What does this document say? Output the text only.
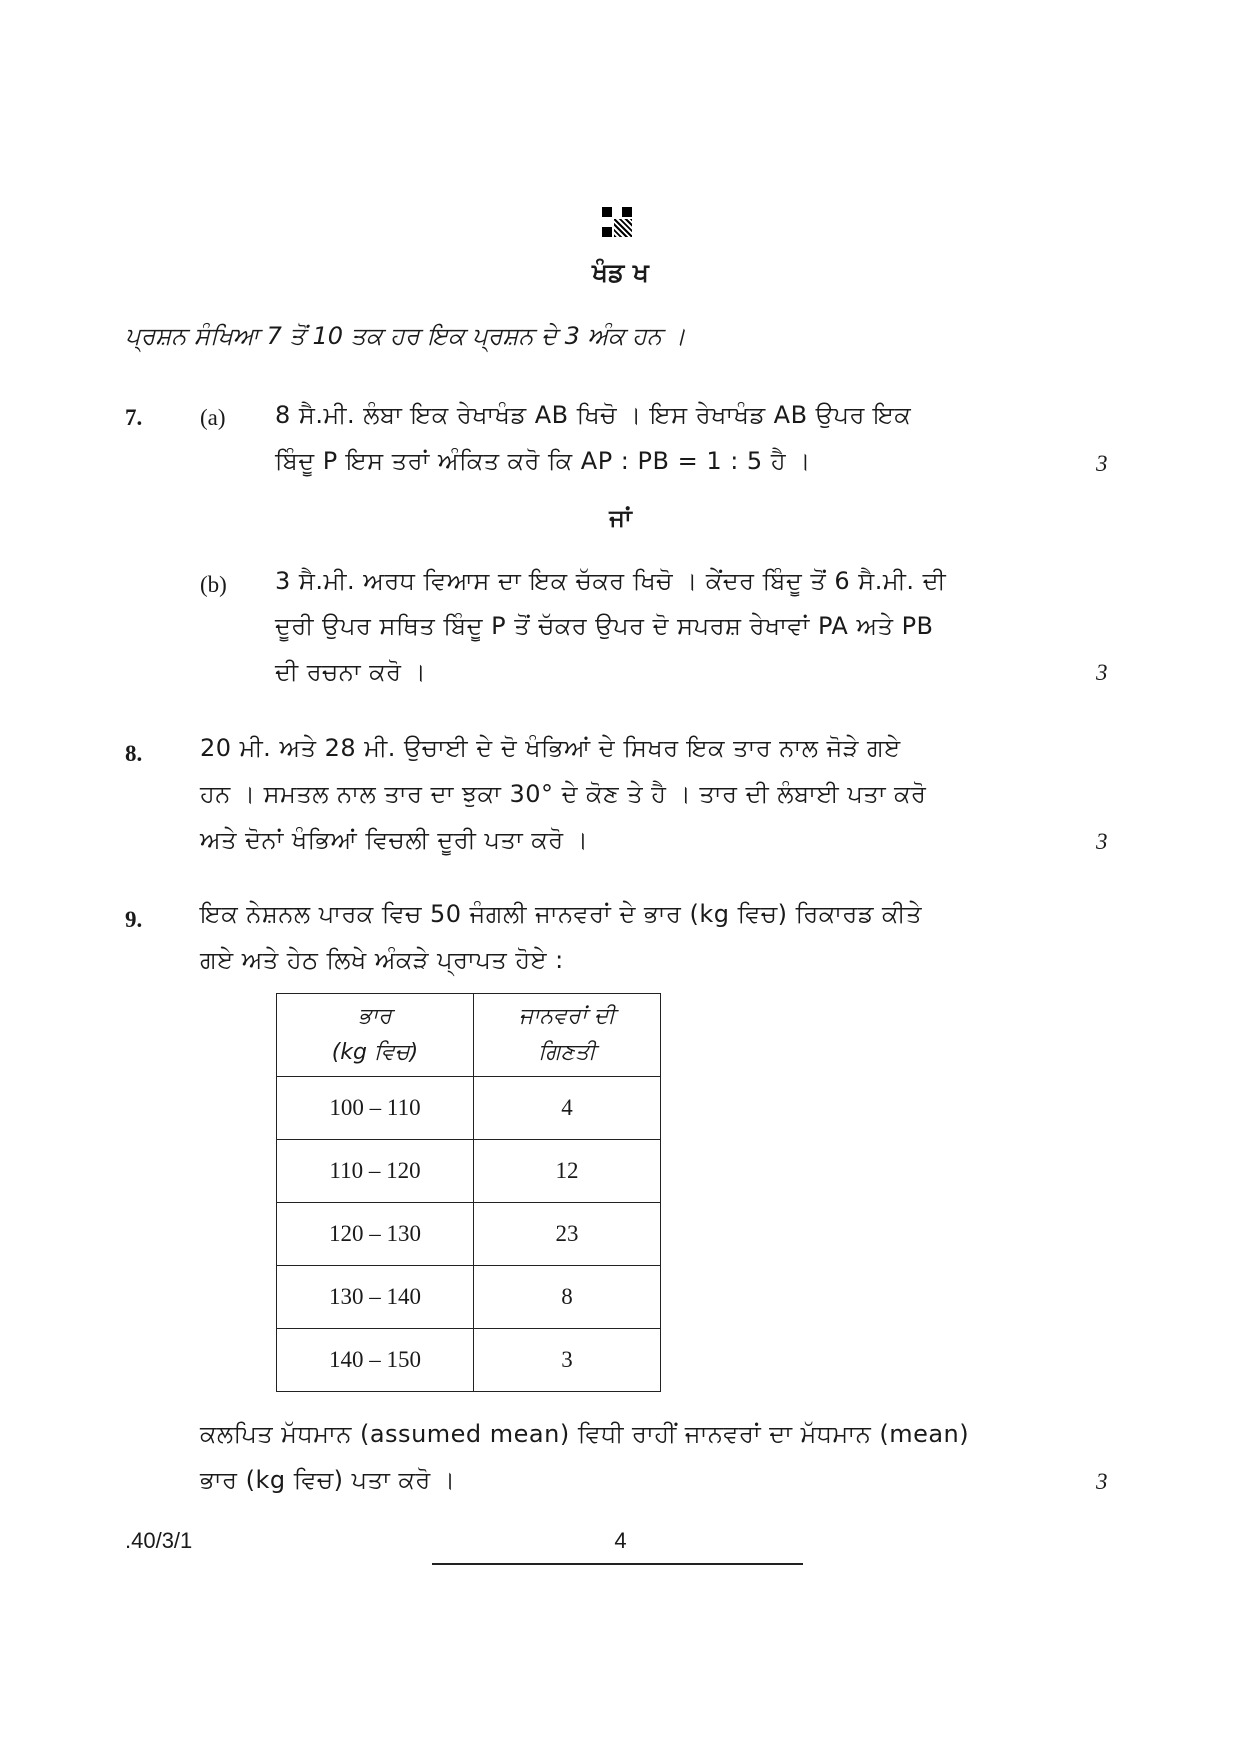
ਖੰਡ ਖ
ਪ੍ਰਸ਼ਨ ਸੰਖਿਆ 7 ਤੋਂ 10 ਤਕ ਹਰ ਇਕ ਪ੍ਰਸ਼ਨ ਦੇ 3 ਅੰਕ ਹਨ ।
7.	(a) 8 ਸੈ.ਮੀ. ਲੰਬਾ ਇਕ ਰੇਖਾਖੰਡ AB ਖਿਚੋ । ਇਸ ਰੇਖਾਖੰਡ AB ਉਪਰ ਇਕ
ਬਿੰਦੂ P ਇਸ ਤਰਾਂ ਅੰਕਿਤ ਕਰੋ ਕਿ AP : PB = 1 : 5 ਹੈ ।	3
ਜਾਂ
(b) 3 ਸੈ.ਮੀ. ਅਰਧ ਵਿਆਸ ਦਾ ਇਕ ਚੱਕਰ ਖਿਚੋ । ਕੇਂਦਰ ਬਿੰਦੂ ਤੋਂ 6 ਸੈ.ਮੀ. ਦੀ
ਦੂਰੀ ਉਪਰ ਸਥਿਤ ਬਿੰਦੂ P ਤੋਂ ਚੱਕਰ ਉਪਰ ਦੋ ਸਪਰਸ਼ ਰੇਖਾਵਾਂ PA ਅਤੇ PB
ਦੀ ਰਚਨਾ ਕਰੋ ।	3
8. 20 ਮੀ. ਅਤੇ 28 ਮੀ. ਉਚਾਈ ਦੇ ਦੋ ਖੰਭਿਆਂ ਦੇ ਸਿਖਰ ਇਕ ਤਾਰ ਨਾਲ ਜੋੜੇ ਗਏ
ਹਨ । ਸਮਤਲ ਨਾਲ ਤਾਰ ਦਾ ਝੁਕਾ 30° ਦੇ ਕੋਣ ਤੇ ਹੈ । ਤਾਰ ਦੀ ਲੰਬਾਈ ਪਤਾ ਕਰੋ
ਅਤੇ ਦੋਨਾਂ ਖੰਭਿਆਂ ਵਿਚਲੀ ਦੂਰੀ ਪਤਾ ਕਰੋ ।	3
9. ਇਕ ਨੇਸ਼ਨਲ ਪਾਰਕ ਵਿਚ 50 ਜੰਗਲੀ ਜਾਨਵਰਾਂ ਦੇ ਭਾਰ (kg ਵਿਚ) ਰਿਕਾਰਡ ਕੀਤੇ
ਗਏ ਅਤੇ ਹੇਠ ਲਿਖੇ ਅੰਕੜੇ ਪ੍ਰਾਪਤ ਹੋਏ :
ਭਾਰ
(kg ਵਿਚ)	ਜਾਨਵਰਾਂ ਦੀ
ਗਿਣਤੀ
100 – 110	4
110 – 120	12
120 – 130	23
130 – 140	8
140 – 150	3
ਕਲਪਿਤ ਮੱਧਮਾਨ (assumed mean) ਵਿਧੀ ਰਾਹੀਂ ਜਾਨਵਰਾਂ ਦਾ ਮੱਧਮਾਨ (mean)
ਭਾਰ (kg ਵਿਚ) ਪਤਾ ਕਰੋ ।	3
.40/3/1	4
